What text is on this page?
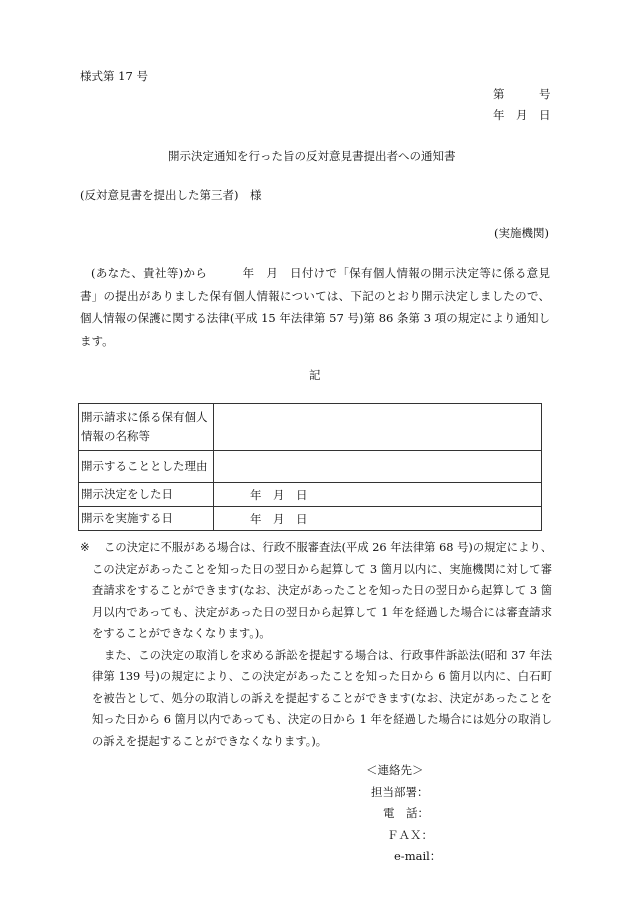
様式第 17 号
第　　　号
年　月　日
開示決定通知を行った旨の反対意見書提出者への通知書
(反対意見書を提出した第三者)　様
(実施機関)

(あなた、貴社等)から　　　年　月　日付けで「保有個人情報の開示決定等に係る意見書」の提出がありました保有個人情報については、下記のとおり開示決定しましたので、個人情報の保護に関する法律(平成 15 年法律第 57 号)第 86 条第 3 項の規定により通知します。

記
開示請求に係る保有個人情報の名称等	
開示することとした理由	
開示決定をした日	年　月　日
開示を実施する日	年　月　日
※	この決定に不服がある場合は、行政不服審査法(平成 26 年法律第 68 号)の規定により、この決定があったことを知った日の翌日から起算して 3 箇月以内に、実施機関に対して審査請求をすることができます(なお、決定があったことを知った日の翌日から起算して 3 箇月以内であっても、決定があった日の翌日から起算して 1 年を経過した場合には審査請求をすることができなくなります。)。

また、この決定の取消しを求める訴訟を提起する場合は、行政事件訴訟法(昭和 37 年法律第 139 号)の規定により、この決定があったことを知った日から 6 箇月以内に、白石町を被告として、処分の取消しの訴えを提起することができます(なお、決定があったことを知った日から 6 箇月以内であっても、決定の日から 1 年を経過した場合には処分の取消しの訴えを提起することができなくなります。)。

＜連絡先＞
担当部署：
電　話：
ＦＡＸ：
e-mail：
